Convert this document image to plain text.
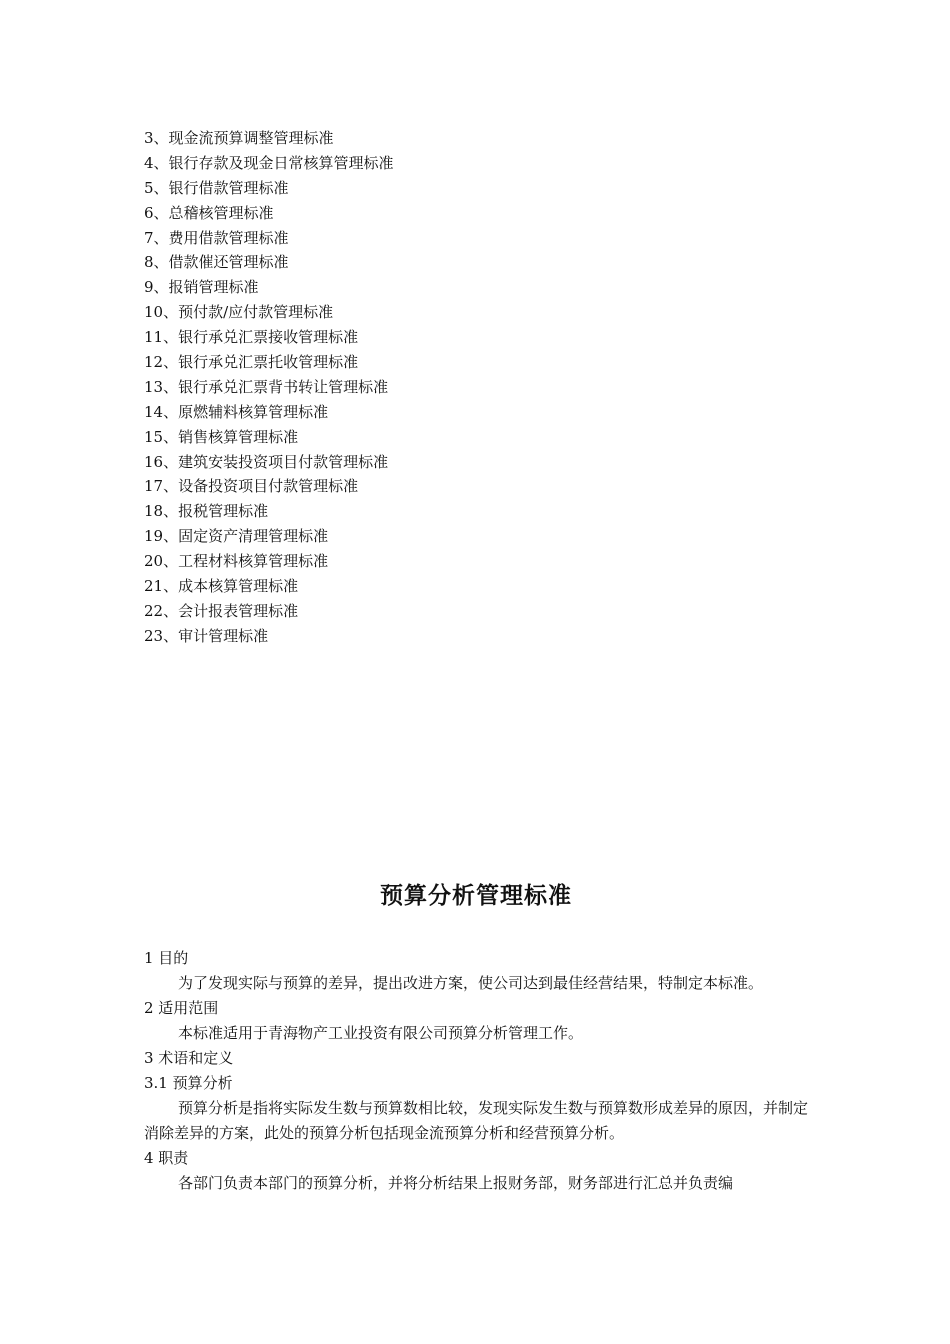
3、现金流预算调整管理标准
4、银行存款及现金日常核算管理标准
5、银行借款管理标准
6、总稽核管理标准
7、费用借款管理标准
8、借款催还管理标准
9、报销管理标准
10、预付款/应付款管理标准
11、银行承兑汇票接收管理标准
12、银行承兑汇票托收管理标准
13、银行承兑汇票背书转让管理标准
14、原燃辅料核算管理标准
15、销售核算管理标准
16、建筑安装投资项目付款管理标准
17、设备投资项目付款管理标准
18、报税管理标准
19、固定资产清理管理标准
20、工程材料核算管理标准
21、成本核算管理标准
22、会计报表管理标准
23、审计管理标准
预算分析管理标准

1 目的

为了发现实际与预算的差异，提出改进方案，使公司达到最佳经营结果，特制定本标准。

2 适用范围

本标准适用于青海物产工业投资有限公司预算分析管理工作。

3 术语和定义

3.1 预算分析

预算分析是指将实际发生数与预算数相比较，发现实际发生数与预算数形成差异的原因，并制定消除差异的方案，此处的预算分析包括现金流预算分析和经营预算分析。

4 职责

各部门负责本部门的预算分析，并将分析结果上报财务部，财务部进行汇总并负责编
